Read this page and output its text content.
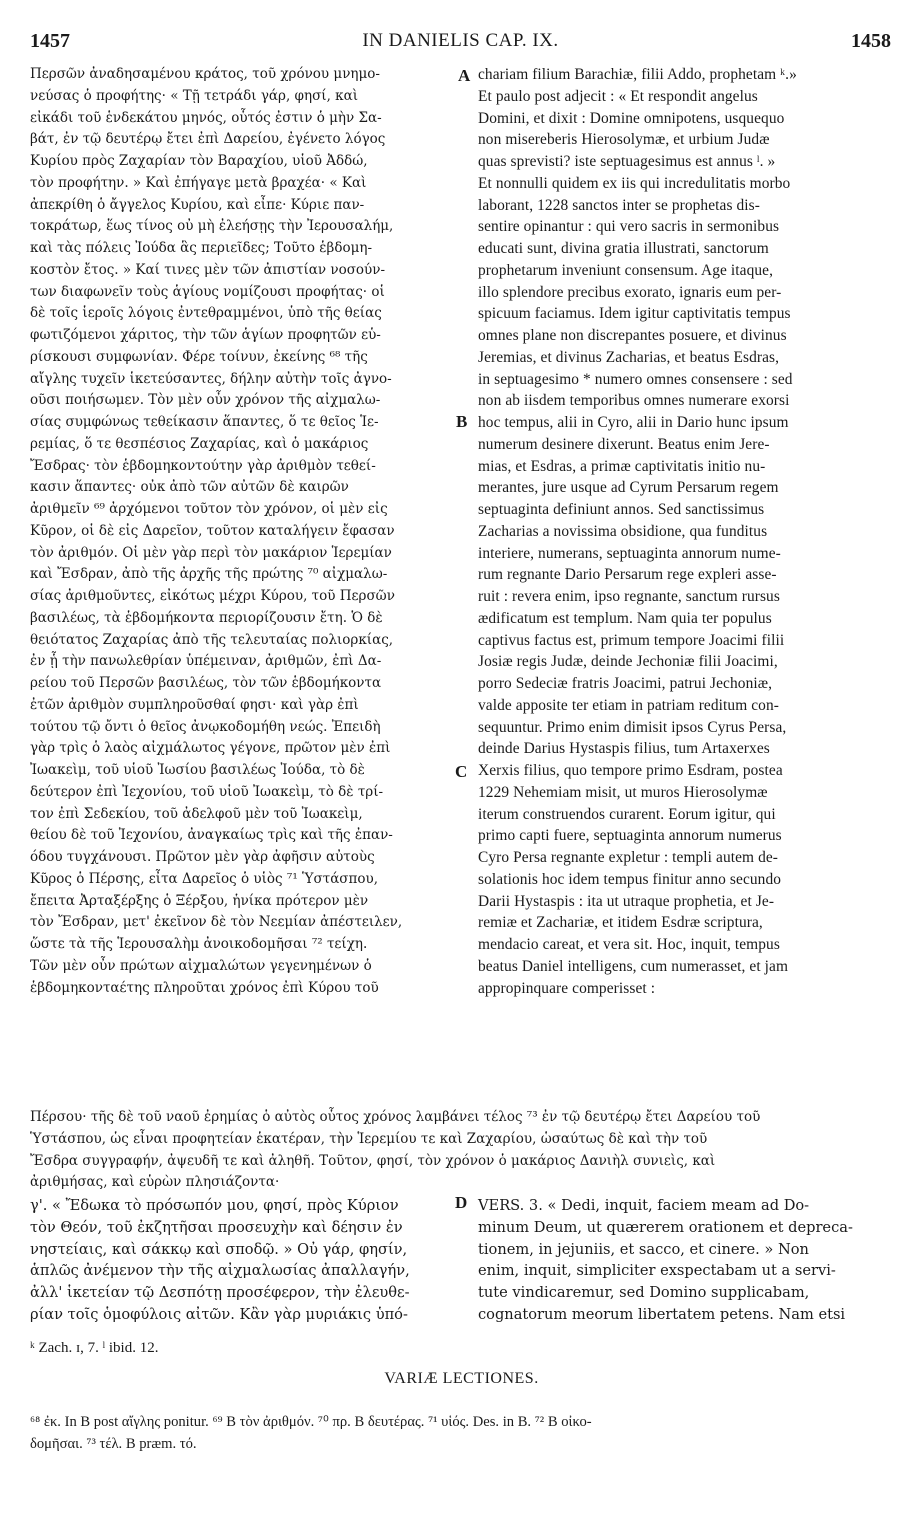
1457	IN DANIELIS CAP. IX.	1458
Περσῶν ἀναδησαμένου κράτος, τοῦ χρόνου μνημο-
νεύσας ὁ προφήτης· « Τῇ τετράδι γάρ, φησί, καὶ
εἰκάδι τοῦ ἑνδεκάτου μηνός, οὗτός ἐστιν ὁ μὴν Σα-
βάτ, ἐν τῷ δευτέρῳ ἔτει ἐπὶ Δαρείου, ἐγένετο λόγος
Κυρίου πρὸς Ζαχαρίαν τὸν Βαραχίου, υἱοῦ Ἀδδώ,
τὸν προφήτην. » Καὶ ἐπήγαγε μετὰ βραχέα· « Καὶ
ἀπεκρίθη ὁ ἄγγελος Κυρίου, καὶ εἶπε· Κύριε παν-
τοκράτωρ, ἕως τίνος οὐ μὴ ἐλεήσῃς τὴν Ἰερουσαλήμ,
καὶ τὰς πόλεις Ἰούδα ἃς περιεῖδες; Τοῦτο ἑβδομη-
κοστὸν ἔτος. » Καί τινες μὲν τῶν ἀπιστίαν νοσούν-
των διαφωνεῖν τοὺς ἁγίους νομίζουσι προφήτας· οἱ
δὲ τοῖς ἱεροῖς λόγοις ἐντεθραμμένοι, ὑπὸ τῆς θείας
φωτιζόμενοι χάριτος, τὴν τῶν ἁγίων προφητῶν εὑ-
ρίσκουσι συμφωνίαν. Φέρε τοίνυν, ἐκείνης ⁶⁸ τῆς
αἴγλης τυχεῖν ἱκετεύσαντες, δήλην αὐτὴν τοῖς ἀγνο-
οῦσι ποιήσωμεν. Τὸν μὲν οὖν χρόνον τῆς αἰχμαλω-
σίας συμφώνως τεθείκασιν ἅπαντες, ὅ τε θεῖος Ἱε-
ρεμίας, ὅ τε θεσπέσιος Ζαχαρίας, καὶ ὁ μακάριος
Ἔσδρας· τὸν ἑβδομηκοντούτην γὰρ ἀριθμὸν τεθεί-
κασιν ἅπαντες· οὐκ ἀπὸ τῶν αὐτῶν δὲ καιρῶν
ἀριθμεῖν ⁶⁹ ἀρχόμενοι τοῦτον τὸν χρόνον, οἱ μὲν εἰς
Κῦρον, οἱ δὲ εἰς Δαρεῖον, τοῦτον καταλήγειν ἔφασαν
τὸν ἀριθμόν. Οἱ μὲν γὰρ περὶ τὸν μακάριον Ἱερεμίαν
καὶ Ἔσδραν, ἀπὸ τῆς ἀρχῆς τῆς πρώτης ⁷⁰ αἰχμαλω-
σίας ἀριθμοῦντες, εἰκότως μέχρι Κύρου, τοῦ Περσῶν
βασιλέως, τὰ ἑβδομήκοντα περιορίζουσιν ἔτη. Ὁ δὲ
θειότατος Ζαχαρίας ἀπὸ τῆς τελευταίας πολιορκίας,
ἐν ᾗ τὴν πανωλεθρίαν ὑπέμειναν, ἀριθμῶν, ἐπὶ Δα-
ρείου τοῦ Περσῶν βασιλέως, τὸν τῶν ἑβδομήκοντα
ἐτῶν ἀριθμὸν συμπληροῦσθαί φησι· καὶ γὰρ ἐπὶ
τούτου τῷ ὄντι ὁ θεῖος ἀνῳκοδομήθη νεώς. Ἐπειδὴ
γὰρ τρὶς ὁ λαὸς αἰχμάλωτος γέγονε, πρῶτον μὲν ἐπὶ
Ἰωακεὶμ, τοῦ υἱοῦ Ἰωσίου βασιλέως Ἰούδα, τὸ δὲ
δεύτερον ἐπὶ Ἰεχονίου, τοῦ υἱοῦ Ἰωακεὶμ, τὸ δὲ τρί-
τον ἐπὶ Σεδεκίου, τοῦ ἀδελφοῦ μὲν τοῦ Ἰωακεὶμ,
θείου δὲ τοῦ Ἰεχονίου, ἀναγκαίως τρὶς καὶ τῆς ἐπαν-
όδου τυγχάνουσι. Πρῶτον μὲν γὰρ ἀφῆσιν αὐτοὺς
Κῦρος ὁ Πέρσης, εἶτα Δαρεῖος ὁ υἱὸς ⁷¹ Ὑστάσπου,
ἔπειτα Ἀρταξέρξης ὁ Ξέρξου, ἡνίκα πρότερον μὲν
τὸν Ἔσδραν, μετ' ἐκεῖνον δὲ τὸν Νεεμίαν ἀπέστειλεν,
ὥστε τὰ τῆς Ἱερουσαλὴμ ἀνοικοδομῆσαι ⁷² τείχη.
Τῶν μὲν οὖν πρώτων αἰχμαλώτων γεγενημένων ὁ
ἑβδομηκονταέτης πληροῦται χρόνος ἐπὶ Κύρου τοῦ
chariam filium Barachiæ, filii Addo, prophetam ᵏ.»
Et paulo post adjecit : « Et respondit angelus
Domini, et dixit : Domine omnipotens, usquequo
non misereberis Hierosolymæ, et urbium Judæ
quas sprevisti? iste septuagesimus est annus ˡ. »
Et nonnulli quidem ex iis qui incredulitatis morbo
laborant, 1228 sanctos inter se prophetas dis-
sentire opinantur : qui vero sacris in sermonibus
educati sunt, divina gratia illustrati, sanctorum
prophetarum inveniunt consensum. Age itaque,
illo splendore precibus exorato, ignaris eum per-
spicuum faciamus. Idem igitur captivitatis tempus
omnes plane non discrepantes posuere, et divinus
Jeremias, et divinus Zacharias, et beatus Esdras,
in septuagesimo * numero omnes consensere : sed
non ab iisdem temporibus omnes numerare exorsi
hoc tempus, alii in Cyro, alii in Dario hunc ipsum
numerum desinere dixerunt. Beatus enim Jere-
mias, et Esdras, a primæ captivitatis initio nu-
merantes, jure usque ad Cyrum Persarum regem
septuaginta definiunt annos. Sed sanctissimus
Zacharias a novissima obsidione, qua funditus
interiere, numerans, septuaginta annorum nume-
rum regnante Dario Persarum rege expleri asse-
ruit : revera enim, ipso regnante, sanctum rursus
ædificatum est templum. Nam quia ter populus
captivus factus est, primum tempore Joacimi filii
Josiæ regis Judæ, deinde Jechoniæ filii Joacimi,
porro Sedeciæ fratris Joacimi, patrui Jechoniæ,
valde apposite ter etiam in patriam reditum con-
sequuntur. Primo enim dimisit ipsos Cyrus Persa,
deinde Darius Hystaspis filius, tum Artaxerxes
Xerxis filius, quo tempore primo Esdram, postea
1229 Nehemiam misit, ut muros Hierosolymæ
iterum construendos curarent. Eorum igitur, qui
primo capti fuere, septuaginta annorum numerus
Cyro Persa regnante expletur : templi autem de-
solationis hoc idem tempus finitur anno secundo
Darii Hystaspis : ita ut utraque prophetia, et Je-
remiæ et Zachariæ, et itidem Esdræ scriptura,
mendacio careat, et vera sit. Hoc, inquit, tempus
beatus Daniel intelligens, cum numerasset, et jam
appropinquare comperisset :
A
B
C
D
Πέρσου· τῆς δὲ τοῦ ναοῦ ἐρημίας ὁ αὐτὸς οὗτος χρόνος λαμβάνει τέλος ⁷³ ἐν τῷ δευτέρῳ ἔτει Δαρείου τοῦ
Ὑστάσπου, ὡς εἶναι προφητείαν ἑκατέραν, τὴν Ἱερεμίου τε καὶ Ζαχαρίου, ὡσαύτως δὲ καὶ τὴν τοῦ
Ἔσδρα συγγραφήν, ἀψευδῆ τε καὶ ἀληθῆ. Τοῦτον, φησί, τὸν χρόνον ὁ μακάριος Δανιὴλ συνιεὶς, καὶ
ἀριθμήσας, καὶ εὑρὼν πλησιάζοντα·
γ'. « Ἔδωκα τὸ πρόσωπόν μου, φησί, πρὸς Κύριον
τὸν Θεόν, τοῦ ἐκζητῆσαι προσευχὴν καὶ δέησιν ἐν
νηστείαις, καὶ σάκκῳ καὶ σποδῷ. » Οὐ γάρ, φησίν,
ἁπλῶς ἀνέμενον τὴν τῆς αἰχμαλωσίας ἀπαλλαγήν,
ἀλλ' ἱκετείαν τῷ Δεσπότῃ προσέφερον, τὴν ἐλευθε-
ρίαν τοῖς ὁμοφύλοις αἰτῶν. Κἂν γὰρ μυριάκις ὑπό-
VERS. 3. « Dedi, inquit, faciem meam ad Do-
minum Deum, ut quærerem orationem et depreca-
tionem, in jejuniis, et sacco, et cinere. » Non
enim, inquit, simpliciter exspectabam ut a servi-
tute vindicaremur, sed Domino supplicabam,
cognatorum meorum libertatem petens. Nam etsi
ᵏ Zach. ɪ, 7. ˡ ibid. 12.
VARIÆ LECTIONES.
⁶⁸ ἐκ. In B post αἴγλης ponitur. ⁶⁹ B τὸν ἀριθμόν. ⁷⁰ πρ. B δευτέρας. ⁷¹ υἱός. Des. in B. ⁷² B οἰκο-
δομῆσαι. ⁷³ τέλ. B præm. τό.
